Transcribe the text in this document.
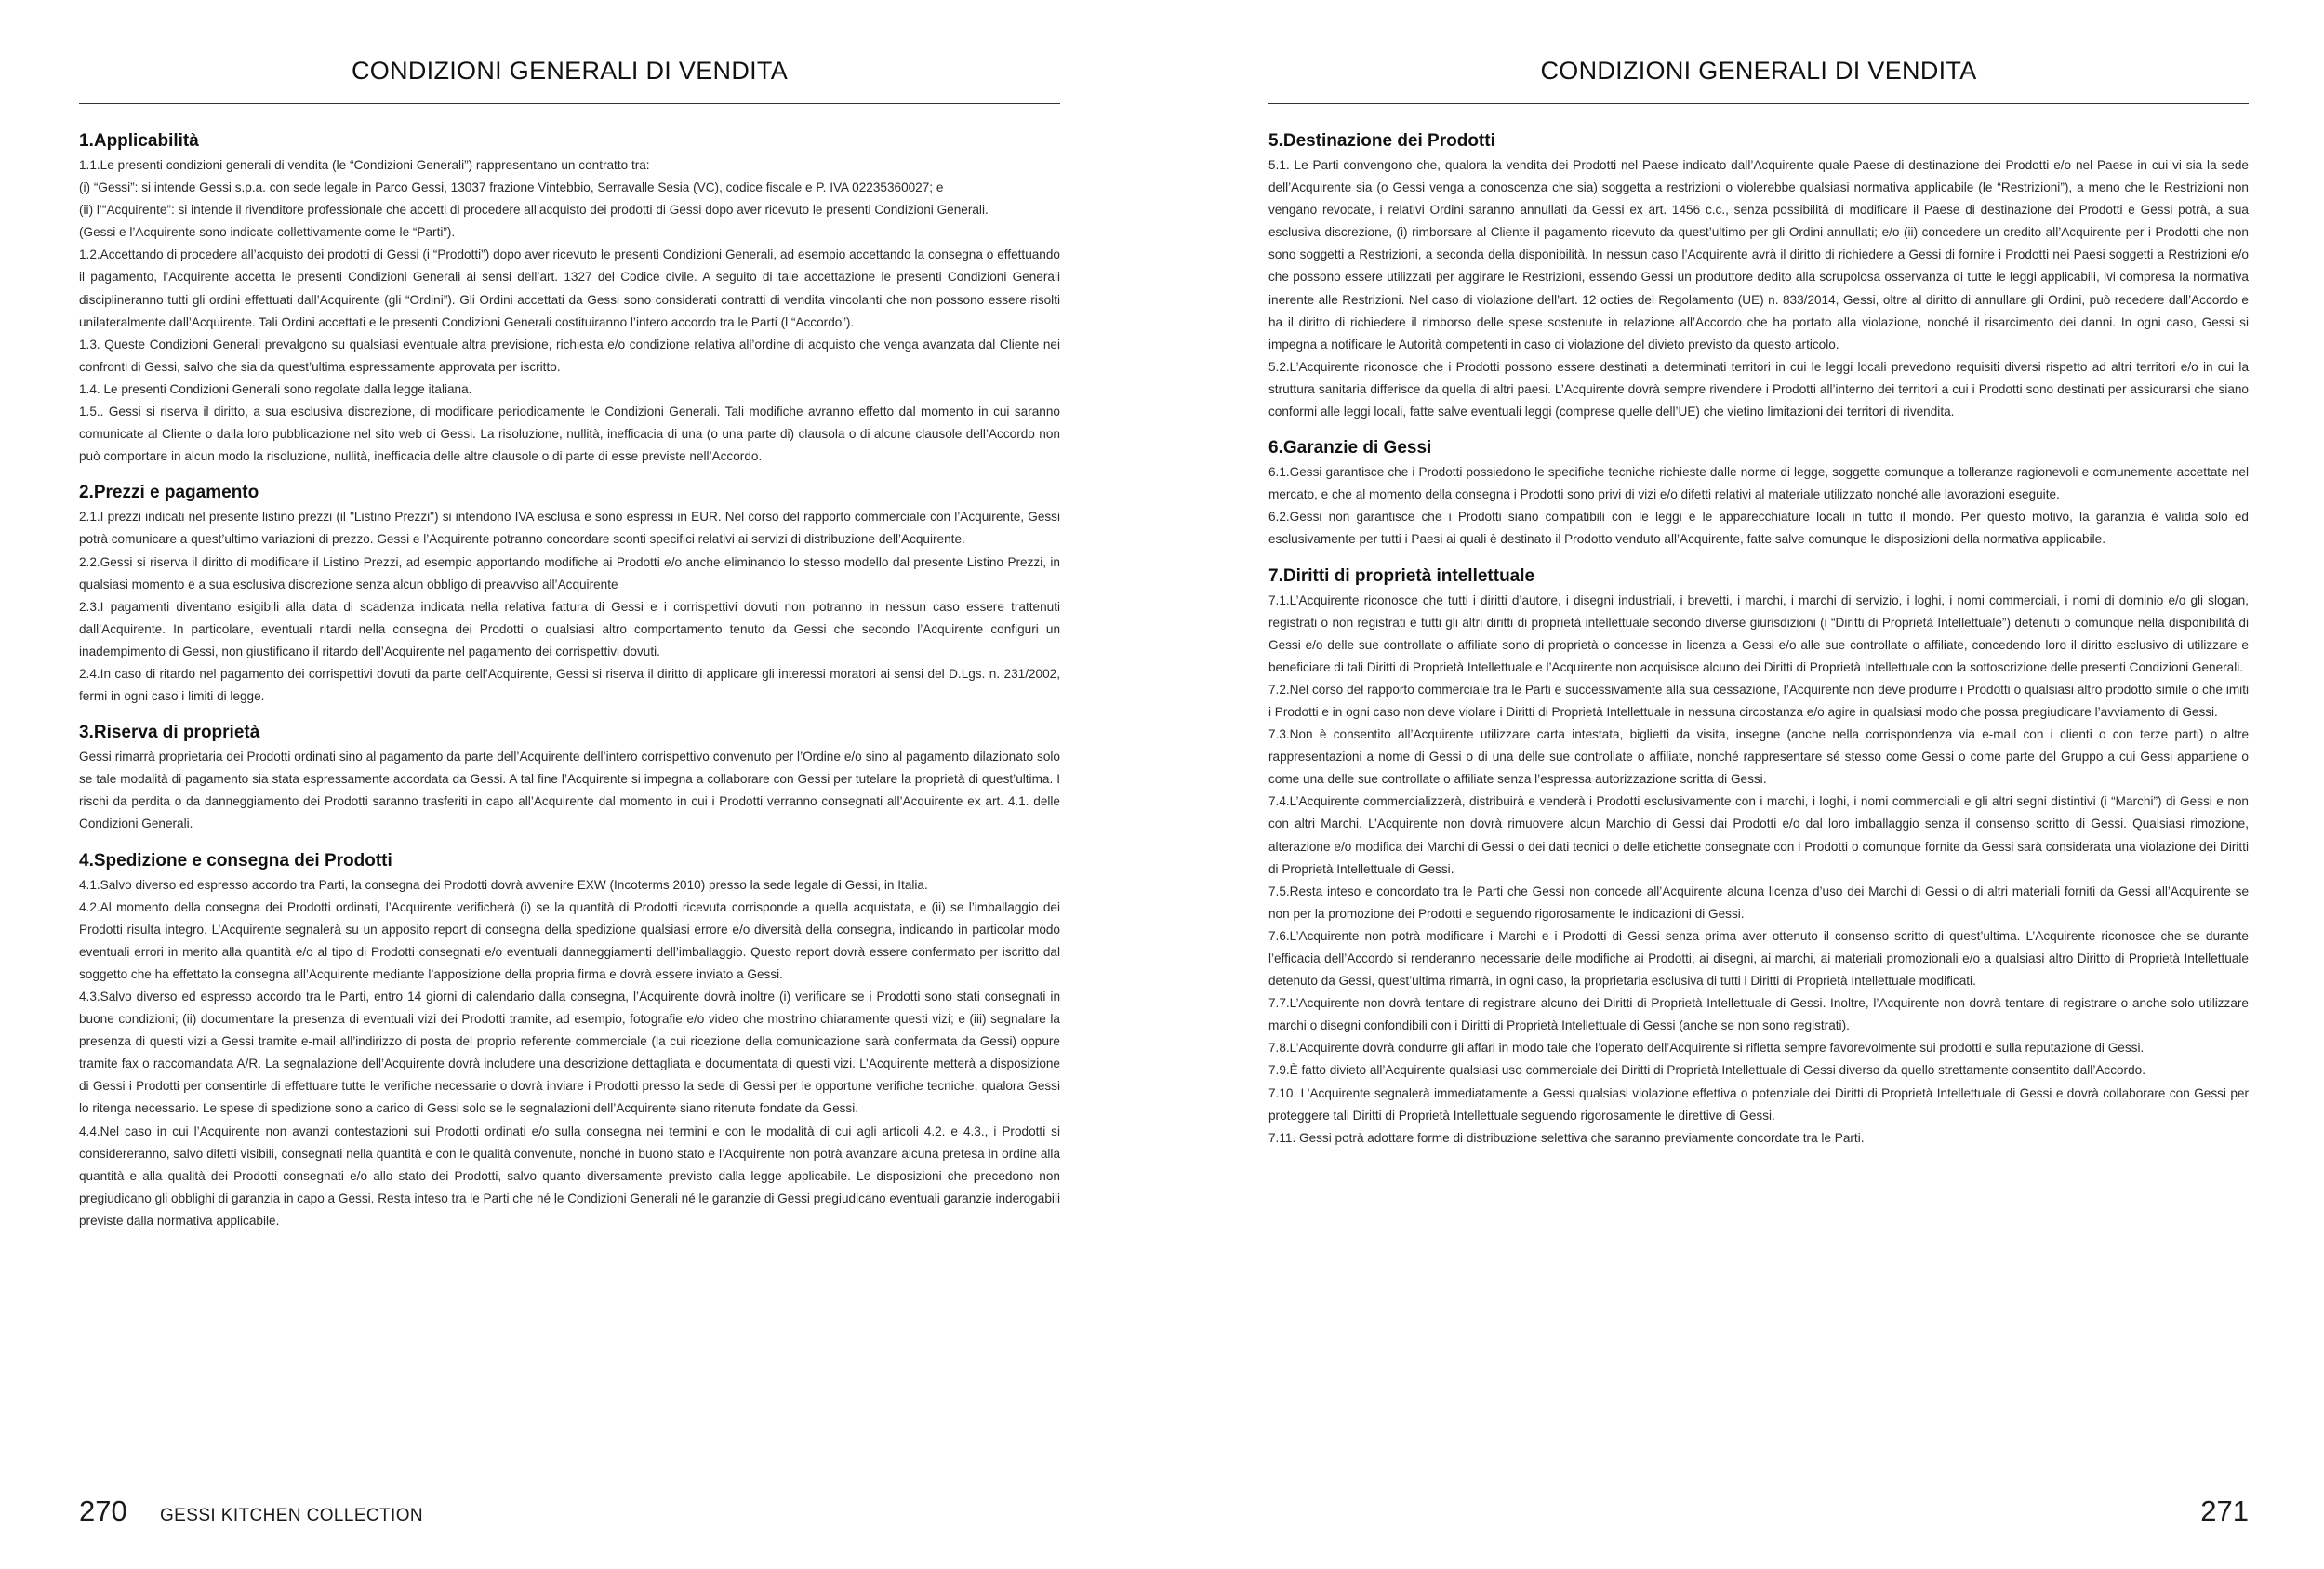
CONDIZIONI GENERALI DI VENDITA
1.Applicabilità
1.1.Le presenti condizioni generali di vendita (le “Condizioni Generali”) rappresentano un contratto tra:
(i) “Gessi”: si intende Gessi s.p.a. con sede legale in Parco Gessi, 13037 frazione Vintebbio, Serravalle Sesia (VC), codice fiscale e P. IVA 02235360027; e
(ii) l’“Acquirente”: si intende il rivenditore professionale che accetti di procedere all’acquisto dei prodotti di Gessi dopo aver ricevuto le presenti Condizioni Generali.
(Gessi e l’Acquirente sono indicate collettivamente come le “Parti”).
1.2.Accettando di procedere all’acquisto dei prodotti di Gessi (i “Prodotti”) dopo aver ricevuto le presenti Condizioni Generali, ad esempio accettando la consegna o effettuando il pagamento, l’Acquirente accetta le presenti Condizioni Generali ai sensi dell’art. 1327 del Codice civile. A seguito di tale accettazione le presenti Condizioni Generali disciplineranno tutti gli ordini effettuati dall’Acquirente (gli “Ordini”). Gli Ordini accettati da Gessi sono considerati contratti di vendita vincolanti che non possono essere risolti unilateralmente dall’Acquirente. Tali Ordini accettati e le presenti Condizioni Generali costituiranno l’intero accordo tra le Parti (l “Accordo”).
1.3. Queste Condizioni Generali prevalgono su qualsiasi eventuale altra previsione, richiesta e/o condizione relativa all’ordine di acquisto che venga avanzata dal Cliente nei confronti di Gessi, salvo che sia da quest’ultima espressamente approvata per iscritto.
1.4. Le presenti Condizioni Generali sono regolate dalla legge italiana.
1.5.. Gessi si riserva il diritto, a sua esclusiva discrezione, di modificare periodicamente le Condizioni Generali. Tali modifiche avranno effetto dal momento in cui saranno comunicate al Cliente o dalla loro pubblicazione nel sito web di Gessi. La risoluzione, nullità, inefficacia di una (o una parte di) clausola o di alcune clausole dell’Accordo non può comportare in alcun modo la risoluzione, nullità, inefficacia delle altre clausole o di parte di esse previste nell’Accordo.
2.Prezzi e pagamento
2.1.I prezzi indicati nel presente listino prezzi (il "Listino Prezzi") si intendono IVA esclusa e sono espressi in EUR. Nel corso del rapporto commerciale con l’Acquirente, Gessi potrà comunicare a quest’ultimo variazioni di prezzo. Gessi e l’Acquirente potranno concordare sconti specifici relativi ai servizi di distribuzione dell’Acquirente.
2.2.Gessi si riserva il diritto di modificare il Listino Prezzi, ad esempio apportando modifiche ai Prodotti e/o anche eliminando lo stesso modello dal presente Listino Prezzi, in qualsiasi momento e a sua esclusiva discrezione senza alcun obbligo di preavviso all’Acquirente
2.3.I pagamenti diventano esigibili alla data di scadenza indicata nella relativa fattura di Gessi e i corrispettivi dovuti non potranno in nessun caso essere trattenuti dall’Acquirente. In particolare, eventuali ritardi nella consegna dei Prodotti o qualsiasi altro comportamento tenuto da Gessi che secondo l’Acquirente configuri un inadempimento di Gessi, non giustificano il ritardo dell’Acquirente nel pagamento dei corrispettivi dovuti.
2.4.In caso di ritardo nel pagamento dei corrispettivi dovuti da parte dell’Acquirente, Gessi si riserva il diritto di applicare gli interessi moratori ai sensi del D.Lgs. n. 231/2002, fermi in ogni caso i limiti di legge.
3.Riserva di proprietà
Gessi rimarrà proprietaria dei Prodotti ordinati sino al pagamento da parte dell’Acquirente dell’intero corrispettivo convenuto per l’Ordine e/o sino al pagamento dilazionato solo se tale modalità di pagamento sia stata espressamente accordata da Gessi. A tal fine l’Acquirente si impegna a collaborare con Gessi per tutelare la proprietà di quest’ultima. I rischi da perdita o da danneggiamento dei Prodotti saranno trasferiti in capo all’Acquirente dal momento in cui i Prodotti verranno consegnati all’Acquirente ex art. 4.1. delle Condizioni Generali.
4.Spedizione e consegna dei Prodotti
4.1.Salvo diverso ed espresso accordo tra Parti, la consegna dei Prodotti dovrà avvenire EXW (Incoterms 2010) presso la sede legale di Gessi, in Italia.
4.2.Al momento della consegna dei Prodotti ordinati, l’Acquirente verificherà (i) se la quantità di Prodotti ricevuta corrisponde a quella acquistata, e (ii) se l’imballaggio dei Prodotti risulta integro. L’Acquirente segnalerà su un apposito report di consegna della spedizione qualsiasi errore e/o diversità della consegna, indicando in particolar modo eventuali errori in merito alla quantità e/o al tipo di Prodotti consegnati e/o eventuali danneggiamenti dell’imballaggio. Questo report dovrà essere confermato per iscritto dal soggetto che ha effettato la consegna all’Acquirente mediante l’apposizione della propria firma e dovrà essere inviato a Gessi.
4.3.Salvo diverso ed espresso accordo tra le Parti, entro 14 giorni di calendario dalla consegna, l’Acquirente dovrà inoltre (i) verificare se i Prodotti sono stati consegnati in buone condizioni; (ii) documentare la presenza di eventuali vizi dei Prodotti tramite, ad esempio, fotografie e/o video che mostrino chiaramente questi vizi; e (iii) segnalare la presenza di questi vizi a Gessi tramite e-mail all’indirizzo di posta del proprio referente commerciale (la cui ricezione della comunicazione sarà confermata da Gessi) oppure tramite fax o raccomandata A/R. La segnalazione dell’Acquirente dovrà includere una descrizione dettagliata e documentata di questi vizi. L’Acquirente metterà a disposizione di Gessi i Prodotti per consentirle di effettuare tutte le verifiche necessarie o dovrà inviare i Prodotti presso la sede di Gessi per le opportune verifiche tecniche, qualora Gessi lo ritenga necessario. Le spese di spedizione sono a carico di Gessi solo se le segnalazioni dell’Acquirente siano ritenute fondate da Gessi.
4.4.Nel caso in cui l’Acquirente non avanzi contestazioni sui Prodotti ordinati e/o sulla consegna nei termini e con le modalità di cui agli articoli 4.2. e 4.3., i Prodotti si considereranno, salvo difetti visibili, consegnati nella quantità e con le qualità convenute, nonché in buono stato e l’Acquirente non potrà avanzare alcuna pretesa in ordine alla quantità e alla qualità dei Prodotti consegnati e/o allo stato dei Prodotti, salvo quanto diversamente previsto dalla legge applicabile. Le disposizioni che precedono non pregiudicano gli obblighi di garanzia in capo a Gessi. Resta inteso tra le Parti che né le Condizioni Generali né le garanzie di Gessi pregiudicano eventuali garanzie inderogabili previste dalla normativa applicabile.
270 GESSI KITCHEN COLLECTION
CONDIZIONI GENERALI DI VENDITA
5.Destinazione dei Prodotti
5.1. Le Parti convengono che, qualora la vendita dei Prodotti nel Paese indicato dall’Acquirente quale Paese di destinazione dei Prodotti e/o nel Paese in cui vi sia la sede dell’Acquirente sia (o Gessi venga a conoscenza che sia) soggetta a restrizioni o violerebbe qualsiasi normativa applicabile (le “Restrizioni”), a meno che le Restrizioni non vengano revocate, i relativi Ordini saranno annullati da Gessi ex art. 1456 c.c., senza possibilità di modificare il Paese di destinazione dei Prodotti e Gessi potrà, a sua esclusiva discrezione, (i) rimborsare al Cliente il pagamento ricevuto da quest’ultimo per gli Ordini annullati; e/o (ii) concedere un credito all’Acquirente per i Prodotti che non sono soggetti a Restrizioni, a seconda della disponibilità. In nessun caso l’Acquirente avrà il diritto di richiedere a Gessi di fornire i Prodotti nei Paesi soggetti a Restrizioni e/o che possono essere utilizzati per aggirare le Restrizioni, essendo Gessi un produttore dedito alla scrupolosa osservanza di tutte le leggi applicabili, ivi compresa la normativa inerente alle Restrizioni. Nel caso di violazione dell’art. 12 octies del Regolamento (UE) n. 833/2014, Gessi, oltre al diritto di annullare gli Ordini, può recedere dall’Accordo e ha il diritto di richiedere il rimborso delle spese sostenute in relazione all’Accordo che ha portato alla violazione, nonché il risarcimento dei danni. In ogni caso, Gessi si impegna a notificare le Autorità competenti in caso di violazione del divieto previsto da questo articolo.
5.2.L’Acquirente riconosce che i Prodotti possono essere destinati a determinati territori in cui le leggi locali prevedono requisiti diversi rispetto ad altri territori e/o in cui la struttura sanitaria differisce da quella di altri paesi. L’Acquirente dovrà sempre rivendere i Prodotti all’interno dei territori a cui i Prodotti sono destinati per assicurarsi che siano conformi alle leggi locali, fatte salve eventuali leggi (comprese quelle dell’UE) che vietino limitazioni dei territori di rivendita.
6.Garanzie di Gessi
6.1.Gessi garantisce che i Prodotti possiedono le specifiche tecniche richieste dalle norme di legge, soggette comunque a tolleranze ragionevoli e comunemente accettate nel mercato, e che al momento della consegna i Prodotti sono privi di vizi e/o difetti relativi al materiale utilizzato nonché alle lavorazioni eseguite.
6.2.Gessi non garantisce che i Prodotti siano compatibili con le leggi e le apparecchiature locali in tutto il mondo. Per questo motivo, la garanzia è valida solo ed esclusivamente per tutti i Paesi ai quali è destinato il Prodotto venduto all’Acquirente, fatte salve comunque le disposizioni della normativa applicabile.
7.Diritti di proprietà intellettuale
7.1.L’Acquirente riconosce che tutti i diritti d’autore, i disegni industriali, i brevetti, i marchi, i marchi di servizio, i loghi, i nomi commerciali, i nomi di dominio e/o gli slogan, registrati o non registrati e tutti gli altri diritti di proprietà intellettuale secondo diverse giurisdizioni (i “Diritti di Proprietà Intellettuale”) detenuti o comunque nella disponibilità di Gessi e/o delle sue controllate o affiliate sono di proprietà o concesse in licenza a Gessi e/o alle sue controllate o affiliate, concedendo loro il diritto esclusivo di utilizzare e beneficiare di tali Diritti di Proprietà Intellettuale e l’Acquirente non acquisisce alcuno dei Diritti di Proprietà Intellettuale con la sottoscrizione delle presenti Condizioni Generali.
7.2.Nel corso del rapporto commerciale tra le Parti e successivamente alla sua cessazione, l’Acquirente non deve produrre i Prodotti o qualsiasi altro prodotto simile o che imiti i Prodotti e in ogni caso non deve violare i Diritti di Proprietà Intellettuale in nessuna circostanza e/o agire in qualsiasi modo che possa pregiudicare l’avviamento di Gessi.
7.3.Non è consentito all’Acquirente utilizzare carta intestata, biglietti da visita, insegne (anche nella corrispondenza via e-mail con i clienti o con terze parti) o altre rappresentazioni a nome di Gessi o di una delle sue controllate o affiliate, nonché rappresentare sé stesso come Gessi o come parte del Gruppo a cui Gessi appartiene o come una delle sue controllate o affiliate senza l’espressa autorizzazione scritta di Gessi.
7.4.L’Acquirente commercializzerà, distribuirà e venderà i Prodotti esclusivamente con i marchi, i loghi, i nomi commerciali e gli altri segni distintivi (i “Marchi”) di Gessi e non con altri Marchi. L’Acquirente non dovrà rimuovere alcun Marchio di Gessi dai Prodotti e/o dal loro imballaggio senza il consenso scritto di Gessi. Qualsiasi rimozione, alterazione e/o modifica dei Marchi di Gessi o dei dati tecnici o delle etichette consegnate con i Prodotti o comunque fornite da Gessi sarà considerata una violazione dei Diritti di Proprietà Intellettuale di Gessi.
7.5.Resta inteso e concordato tra le Parti che Gessi non concede all’Acquirente alcuna licenza d’uso dei Marchi di Gessi o di altri materiali forniti da Gessi all’Acquirente se non per la promozione dei Prodotti e seguendo rigorosamente le indicazioni di Gessi.
7.6.L’Acquirente non potrà modificare i Marchi e i Prodotti di Gessi senza prima aver ottenuto il consenso scritto di quest’ultima. L’Acquirente riconosce che se durante l’efficacia dell’Accordo si renderanno necessarie delle modifiche ai Prodotti, ai disegni, ai marchi, ai materiali promozionali e/o a qualsiasi altro Diritto di Proprietà Intellettuale detenuto da Gessi, quest’ultima rimarrà, in ogni caso, la proprietaria esclusiva di tutti i Diritti di Proprietà Intellettuale modificati.
7.7.L’Acquirente non dovrà tentare di registrare alcuno dei Diritti di Proprietà Intellettuale di Gessi. Inoltre, l’Acquirente non dovrà tentare di registrare o anche solo utilizzare marchi o disegni confondibili con i Diritti di Proprietà Intellettuale di Gessi (anche se non sono registrati).
7.8.L’Acquirente dovrà condurre gli affari in modo tale che l’operato dell’Acquirente si rifletta sempre favorevolmente sui prodotti e sulla reputazione di Gessi.
7.9.È fatto divieto all’Acquirente qualsiasi uso commerciale dei Diritti di Proprietà Intellettuale di Gessi diverso da quello strettamente consentito dall’Accordo.
7.10. L’Acquirente segnalerà immediatamente a Gessi qualsiasi violazione effettiva o potenziale dei Diritti di Proprietà Intellettuale di Gessi e dovrà collaborare con Gessi per proteggere tali Diritti di Proprietà Intellettuale seguendo rigorosamente le direttive di Gessi.
7.11. Gessi potrà adottare forme di distribuzione selettiva che saranno previamente concordate tra le Parti.
271
